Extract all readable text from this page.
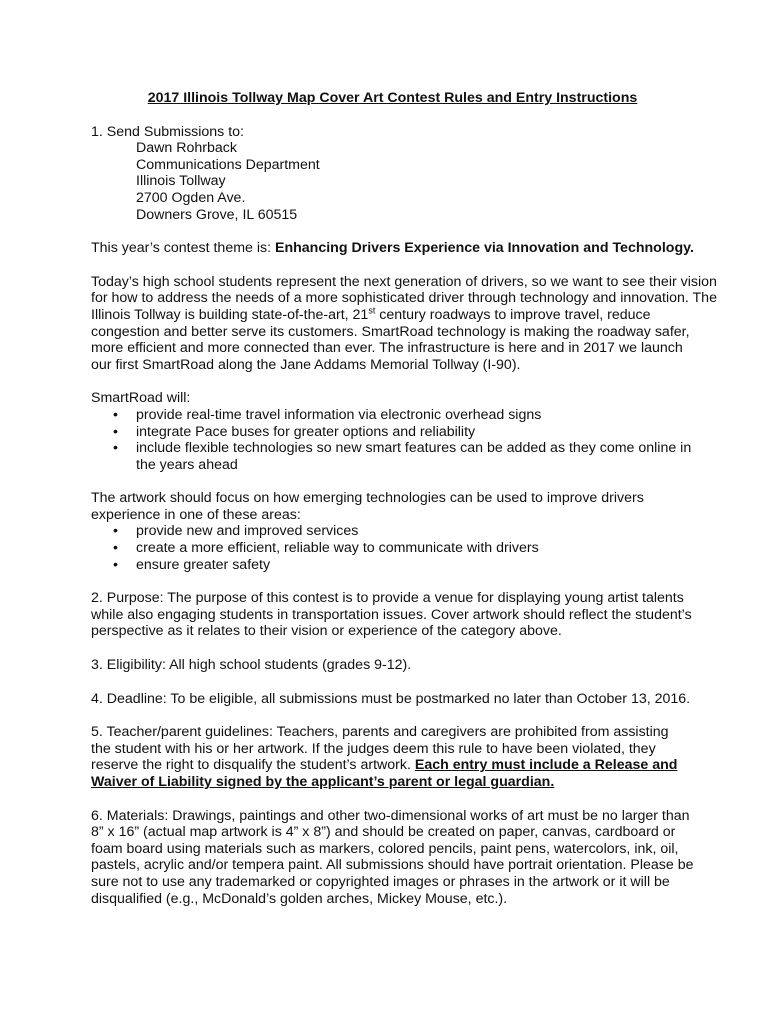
2017 Illinois Tollway Map Cover Art Contest Rules and Entry Instructions
1. Send Submissions to:
Dawn Rohrback
Communications Department
Illinois Tollway
2700 Ogden Ave.
Downers Grove, IL 60515
This year’s contest theme is: Enhancing Drivers Experience via Innovation and Technology.
Today’s high school students represent the next generation of drivers, so we want to see their vision
for how to address the needs of a more sophisticated driver through technology and innovation. The
Illinois Tollway is building state-of-the-art, 21st century roadways to improve travel, reduce
congestion and better serve its customers. SmartRoad technology is making the roadway safer,
more efficient and more connected than ever. The infrastructure is here and in 2017 we launch
our first SmartRoad along the Jane Addams Memorial Tollway (I-90).
SmartRoad will:
• provide real-time travel information via electronic overhead signs
• integrate Pace buses for greater options and reliability
• include flexible technologies so new smart features can be added as they come online in
the years ahead
The artwork should focus on how emerging technologies can be used to improve drivers
experience in one of these areas:
• provide new and improved services
• create a more efficient, reliable way to communicate with drivers
• ensure greater safety
2. Purpose: The purpose of this contest is to provide a venue for displaying young artist talents
while also engaging students in transportation issues. Cover artwork should reflect the student’s
perspective as it relates to their vision or experience of the category above.
3. Eligibility: All high school students (grades 9-12).
4. Deadline: To be eligible, all submissions must be postmarked no later than October 13, 2016.
5. Teacher/parent guidelines: Teachers, parents and caregivers are prohibited from assisting
the student with his or her artwork. If the judges deem this rule to have been violated, they
reserve the right to disqualify the student’s artwork. Each entry must include a Release and
Waiver of Liability signed by the applicant’s parent or legal guardian.
6. Materials: Drawings, paintings and other two-dimensional works of art must be no larger than
8” x 16” (actual map artwork is 4” x 8”) and should be created on paper, canvas, cardboard or
foam board using materials such as markers, colored pencils, paint pens, watercolors, ink, oil,
pastels, acrylic and/or tempera paint. All submissions should have portrait orientation. Please be
sure not to use any trademarked or copyrighted images or phrases in the artwork or it will be
disqualified (e.g., McDonald’s golden arches, Mickey Mouse, etc.).
